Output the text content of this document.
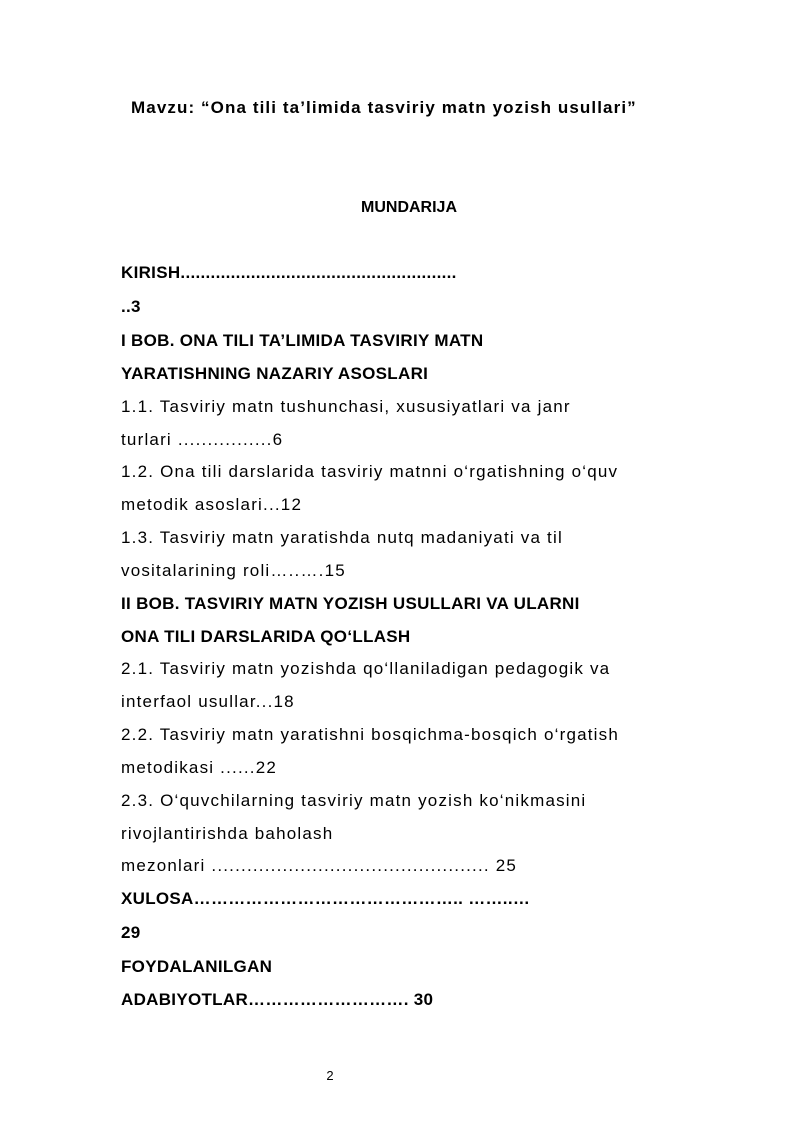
Mavzu: “Ona tili ta’limida tasviriy matn yozish usullari”
MUNDARIJA
KIRISH.......................................................
..3
I BOB. ONA TILI TA’LIMIDA TASVIRIY MATN
YARATISHNING NAZARIY ASOSLARI
1.1. Tasviriy matn tushunchasi, xususiyatlari va janr
turlari ................6
1.2. Ona tili darslarida tasviriy matnni o‘rgatishning o‘quv
metodik asoslari...12
1.3. Tasviriy matn yaratishda nutq madaniyati va til
vositalarining roli…..….15
II BOB. TASVIRIY MATN YOZISH USULLARI VA ULARNI
ONA TILI DARSLARIDA QO‘LLASH
2.1. Tasviriy matn yozishda qo‘llaniladigan pedagogik va
interfaol usullar...18
2.2. Tasviriy matn yaratishni bosqichma-bosqich o‘rgatish
metodikasi ......22
2.3. O‘quvchilarning tasviriy matn yozish ko‘nikmasini
rivojlantirishda baholash
mezonlari ............................................... 25
XULOSA……………………………………….. ……..…
29
FOYDALANILGAN
ADABIYOTLAR………………………. 30
2
